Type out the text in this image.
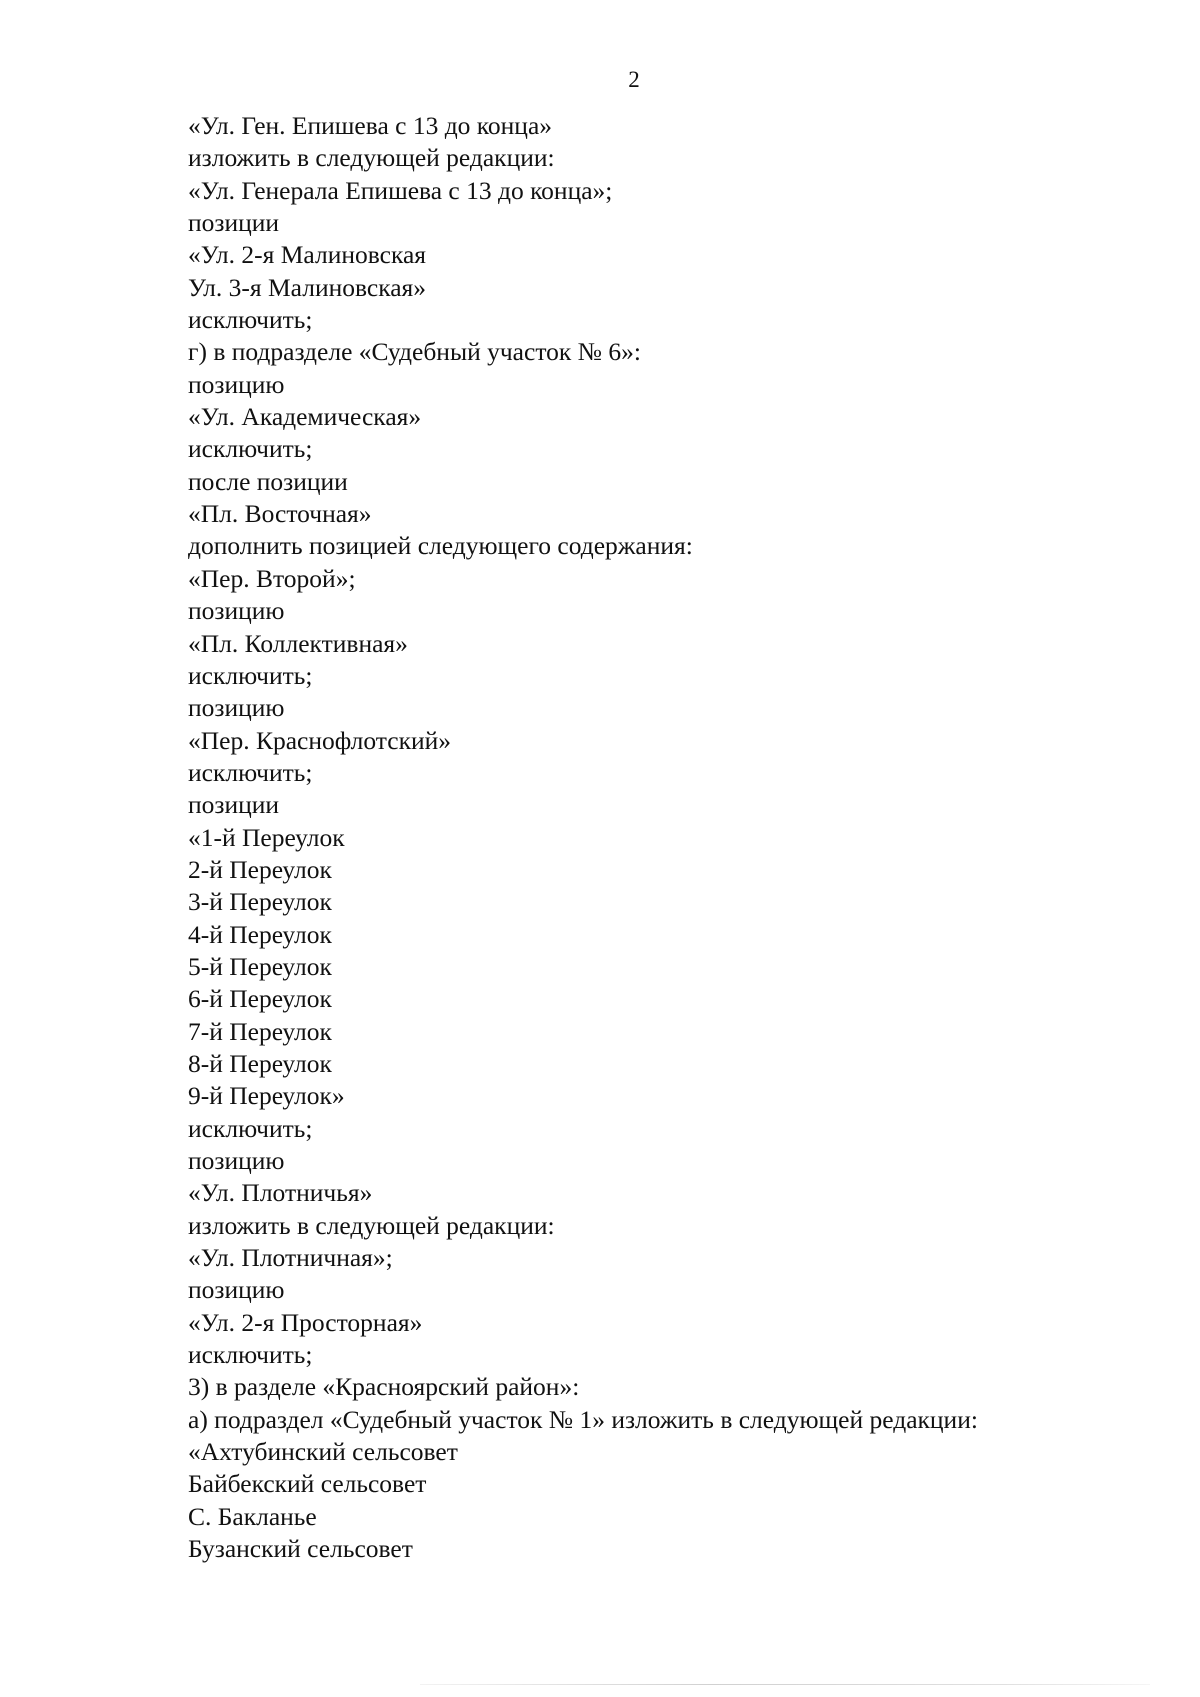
2
«Ул. Ген. Епишева с 13 до конца»
изложить в следующей редакции:
«Ул. Генерала Епишева с 13 до конца»;
позиции
«Ул. 2-я Малиновская
Ул. 3-я Малиновская»
исключить;
г) в подразделе «Судебный участок № 6»:
позицию
«Ул. Академическая»
исключить;
после позиции
«Пл. Восточная»
дополнить позицией следующего содержания:
«Пер. Второй»;
позицию
«Пл. Коллективная»
исключить;
позицию
«Пер. Краснофлотский»
исключить;
позиции
«1-й Переулок
2-й Переулок
3-й Переулок
4-й Переулок
5-й Переулок
6-й Переулок
7-й Переулок
8-й Переулок
9-й Переулок»
исключить;
позицию
«Ул. Плотничья»
изложить в следующей редакции:
«Ул. Плотничная»;
позицию
«Ул. 2-я Просторная»
исключить;
3) в разделе «Красноярский район»:
а) подраздел «Судебный участок № 1» изложить в следующей редакции:
«Ахтубинский сельсовет
Байбекский сельсовет
С. Бакланье
Бузанский сельсовет
